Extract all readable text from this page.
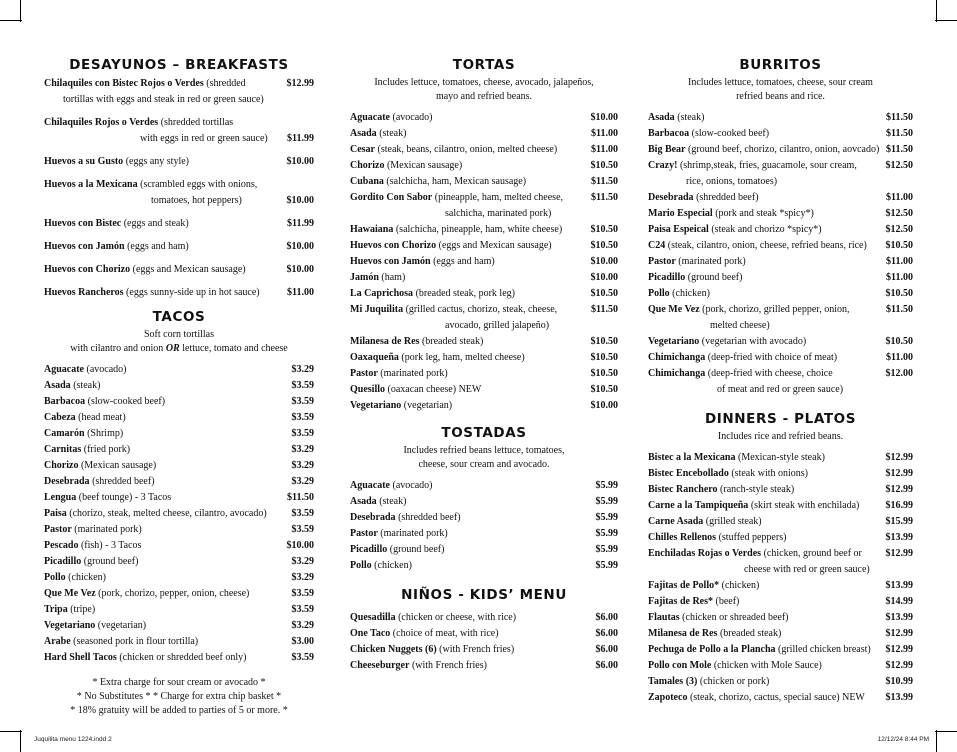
DESAYUNOS – BREAKFASTS
Chilaquiles con Bistec Rojos o Verdes (shredded
tortillas with eggs and steak in red or green sauce)
$12.99
Chilaquiles Rojos o Verdes (shredded tortillas
with eggs in red or green sauce)	$11.99
Huevos a su Gusto (eggs any style)	$10.00
Huevos a la Mexicana (scrambled eggs with onions,
tomatoes, hot peppers)	$10.00
Huevos con Bistec (eggs and steak)	$11.99
Huevos con Jamón (eggs and ham)	$10.00
Huevos con Chorizo (eggs and Mexican sausage)	$10.00
Huevos Rancheros (eggs sunny-side up in hot sauce)	$11.00
TACOS
Soft corn tortillas
with cilantro and onion OR lettuce, tomato and cheese
Aguacate (avocado)	$3.29
Asada (steak)	$3.59
Barbacoa (slow-cooked beef)	$3.59
Cabeza (head meat)	$3.59
Camarón (Shrimp)	$3.59
Carnitas (fried pork)	$3.29
Chorizo (Mexican sausage)	$3.29
Desebrada (shredded beef)	$3.29
Lengua (beef tounge) - 3 Tacos	$11.50
Paisa (chorizo, steak, melted cheese, cilantro, avocado)	$3.59
Pastor (marinated pork)	$3.59
Pescado (fish) - 3 Tacos	$10.00
Picadillo (ground beef)	$3.29
Pollo (chicken)	$3.29
Que Me Vez (pork, chorizo, pepper, onion, cheese)	$3.59
Tripa (tripe)	$3.59
Vegetariano (vegetarian)	$3.29
Arabe (seasoned pork in flour tortilla)	$3.00
Hard Shell Tacos (chicken or shredded beef only)	$3.59
* Extra charge for sour cream or avocado *
* No Substitutes * * Charge for extra chip basket *
* 18% gratuity will be added to parties of 5 or more. *
TORTAS
Includes lettuce, tomatoes, cheese, avocado, jalapeños,
mayo and refried beans.
Aguacate (avocado)	$10.00
Asada (steak)	$11.00
Cesar (steak, beans, cilantro, onion, melted cheese)	$11.00
Chorizo (Mexican sausage)	$10.50
Cubana (salchicha, ham, Mexican sausage)	$11.50
Gordito Con Sabor (pineapple, ham, melted cheese,
salchicha, marinated pork)
$11.50
Hawaiana (salchicha, pineapple, ham, white cheese)	$10.50
Huevos con Chorizo (eggs and Mexican sausage)	$10.50
Huevos con Jamón (eggs and ham)	$10.00
Jamón (ham)	$10.00
La Caprichosa (breaded steak, pork leg)	$10.50
Mi Juquilita (grilled cactus, chorizo, steak, cheese,
avocado, grilled jalapeño)
$11.50
Milanesa de Res (breaded steak)	$10.50
Oaxaqueña (pork leg, ham, melted cheese)	$10.50
Pastor (marinated pork)	$10.50
Quesillo (oaxacan cheese) NEW	$10.50
Vegetariano (vegetarian)	$10.00
TOSTADAS
Includes refried beans lettuce, tomatoes,
cheese, sour cream and avocado.
Aguacate (avocado)	$5.99
Asada (steak)	$5.99
Desebrada (shredded beef)	$5.99
Pastor (marinated pork)	$5.99
Picadillo (ground beef)	$5.99
Pollo (chicken)	$5.99
NIÑOS - KIDS’ MENU
Quesadilla (chicken or cheese, with rice)	$6.00
One Taco (choice of meat, with rice)	$6.00
Chicken Nuggets (6) (with French fries)	$6.00
Cheeseburger (with French fries)	$6.00
BURRITOS
Includes lettuce, tomatoes, cheese, sour cream
refried beans and rice.
Asada (steak)	$11.50
Barbacoa (slow-cooked beef)	$11.50
Big Bear (ground beef, chorizo, cilantro, onion, aovcado) $11.50
Crazy! (shrimp,steak, fries, guacamole, sour cream,
rice, onions, tomatoes)
$12.50
Desebrada (shredded beef)	$11.00
Mario Especial (pork and steak *spicy*)	$12.50
Paisa Espeical (steak and chorizo *spicy*)	$12.50
C24 (steak, cilantro, onion, cheese, refried beans, rice)	$10.50
Pastor (marinated pork)	$11.00
Picadillo (ground beef)	$11.00
Pollo (chicken)	$10.50
Que Me Vez (pork, chorizo, grilled pepper, onion,
melted cheese)
$11.50
Vegetariano (vegetarian with avocado)	$10.50
Chimichanga (deep-fried with choice of meat)	$11.00
Chimichanga (deep-fried with cheese, choice
of meat and red or green sauce)
$12.00
DINNERS - PLATOS
Includes rice and refried beans.
Bistec a la Mexicana (Mexican-style steak)	$12.99
Bistec Encebollado (steak with onions)	$12.99
Bistec Ranchero (ranch-style steak)	$12.99
Carne a la Tampiqueña (skirt steak with enchilada)	$16.99
Carne Asada (grilled steak)	$15.99
Chilles Rellenos (stuffed peppers)	$13.99
Enchiladas Rojas o Verdes (chicken, ground beef or
cheese with red or green sauce)
$12.99
Fajitas de Pollo* (chicken)	$13.99
Fajitas de Res* (beef)	$14.99
Flautas (chicken or shreaded beef)	$13.99
Milanesa de Res (breaded steak)	$12.99
Pechuga de Pollo a la Plancha (grilled chicken breast)	$12.99
Pollo con Mole (chicken with Mole Sauce)	$12.99
Tamales (3) (chicken or pork)	$10.99
Zapoteco (steak, chorizo, cactus, special sauce) NEW	$13.99
Juquilita menu 1224.indd 2	12/12/24 8:44 PM
